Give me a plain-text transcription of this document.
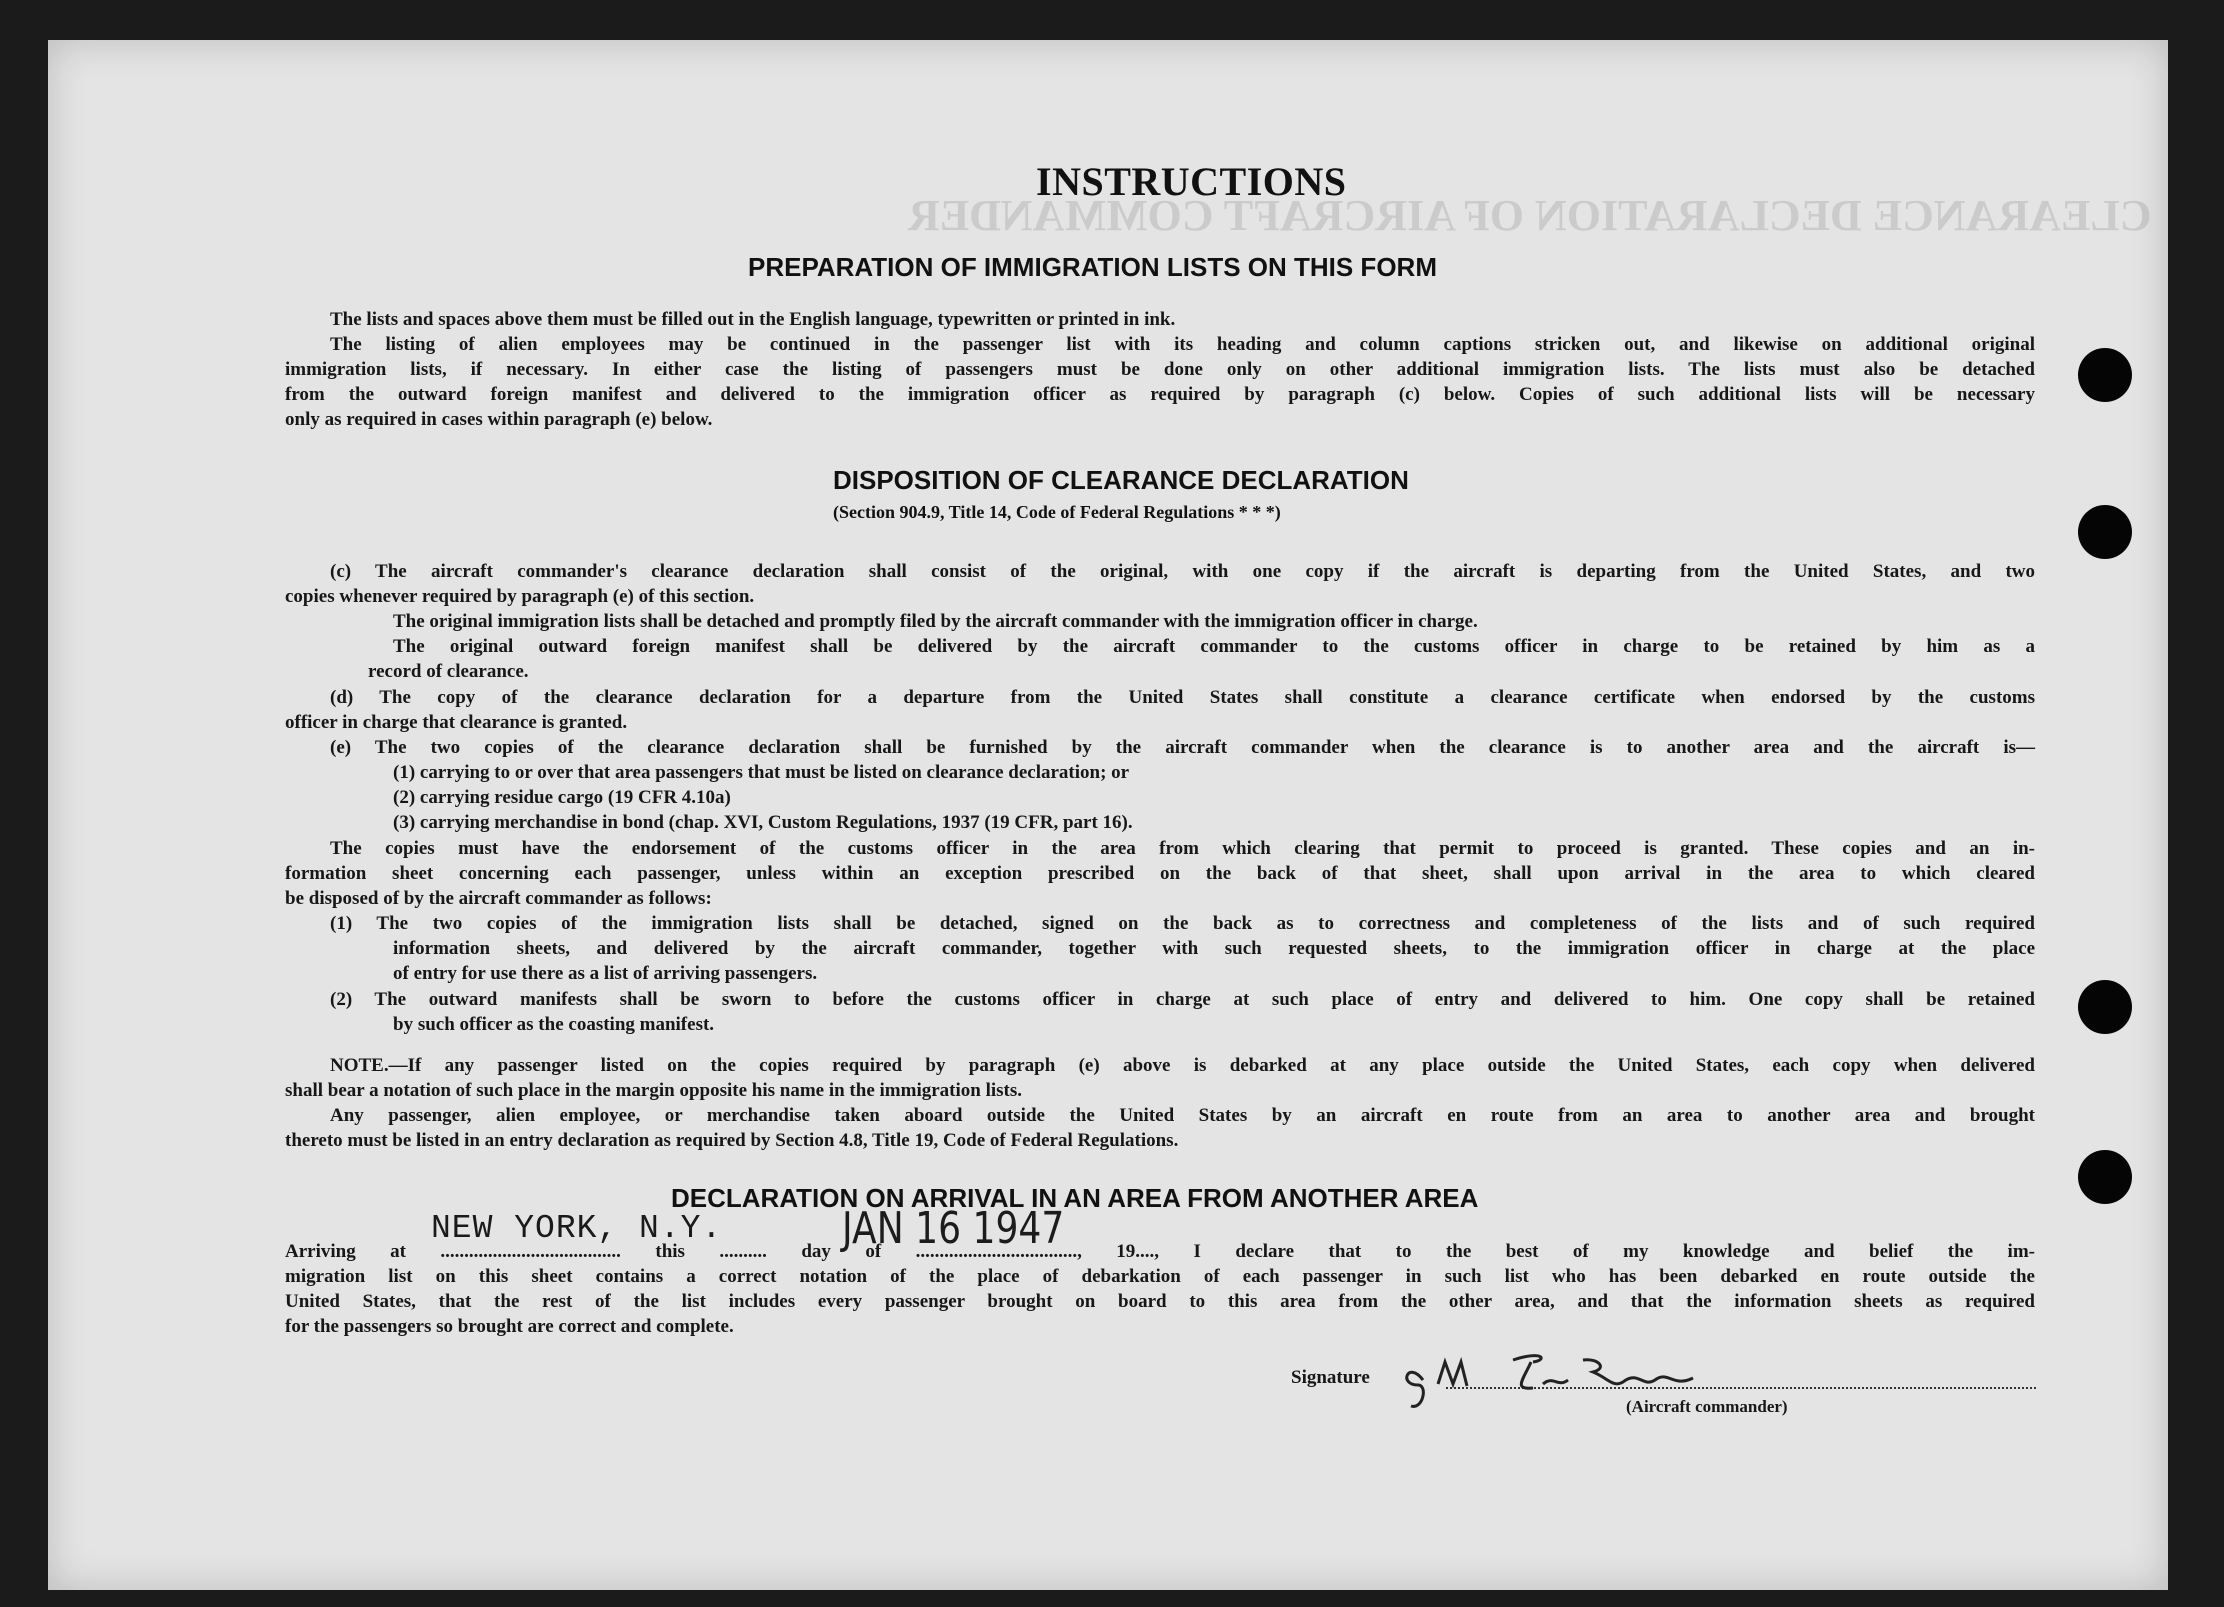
CLEARANCE DECLARATION OF AIRCRAFT COMMANDER
INSTRUCTIONS
PREPARATION OF IMMIGRATION LISTS ON THIS FORM
The lists and spaces above them must be filled out in the English language, typewritten or printed in ink.
The listing of alien employees may be continued in the passenger list with its heading and column captions stricken out, and likewise on additional original
immigration lists, if necessary. In either case the listing of passengers must be done only on other additional immigration lists. The lists must also be detached
from the outward foreign manifest and delivered to the immigration officer as required by paragraph (c) below. Copies of such additional lists will be necessary
only as required in cases within paragraph (e) below.
DISPOSITION OF CLEARANCE DECLARATION
(Section 904.9, Title 14, Code of Federal Regulations * * *)
(c) The aircraft commander's clearance declaration shall consist of the original, with one copy if the aircraft is departing from the United States, and two
copies whenever required by paragraph (e) of this section.
The original immigration lists shall be detached and promptly filed by the aircraft commander with the immigration officer in charge.
The original outward foreign manifest shall be delivered by the aircraft commander to the customs officer in charge to be retained by him as a
record of clearance.
(d) The copy of the clearance declaration for a departure from the United States shall constitute a clearance certificate when endorsed by the customs
officer in charge that clearance is granted.
(e) The two copies of the clearance declaration shall be furnished by the aircraft commander when the clearance is to another area and the aircraft is—
(1) carrying to or over that area passengers that must be listed on clearance declaration; or
(2) carrying residue cargo (19 CFR 4.10a)
(3) carrying merchandise in bond (chap. XVI, Custom Regulations, 1937 (19 CFR, part 16).
The copies must have the endorsement of the customs officer in the area from which clearing that permit to proceed is granted. These copies and an in-
formation sheet concerning each passenger, unless within an exception prescribed on the back of that sheet, shall upon arrival in the area to which cleared
be disposed of by the aircraft commander as follows:
(1) The two copies of the immigration lists shall be detached, signed on the back as to correctness and completeness of the lists and of such required
information sheets, and delivered by the aircraft commander, together with such requested sheets, to the immigration officer in charge at the place
of entry for use there as a list of arriving passengers.
(2) The outward manifests shall be sworn to before the customs officer in charge at such place of entry and delivered to him. One copy shall be retained
by such officer as the coasting manifest.
NOTE.—If any passenger listed on the copies required by paragraph (e) above is debarked at any place outside the United States, each copy when delivered
shall bear a notation of such place in the margin opposite his name in the immigration lists.
Any passenger, alien employee, or merchandise taken aboard outside the United States by an aircraft en route from an area to another area and brought
thereto must be listed in an entry declaration as required by Section 4.8, Title 19, Code of Federal Regulations.
DECLARATION ON ARRIVAL IN AN AREA FROM ANOTHER AREA
NEW YORK, N.Y.	JAN 16 1947
Arriving at ...................................... this .......... day of .................................., 19...., I declare that to the best of my knowledge and belief the im-
migration list on this sheet contains a correct notation of the place of debarkation of each passenger in such list who has been debarked en route outside the
United States, that the rest of the list includes every passenger brought on board to this area from the other area, and that the information sheets as required
for the passengers so brought are correct and complete.
Signature
(Aircraft commander)
